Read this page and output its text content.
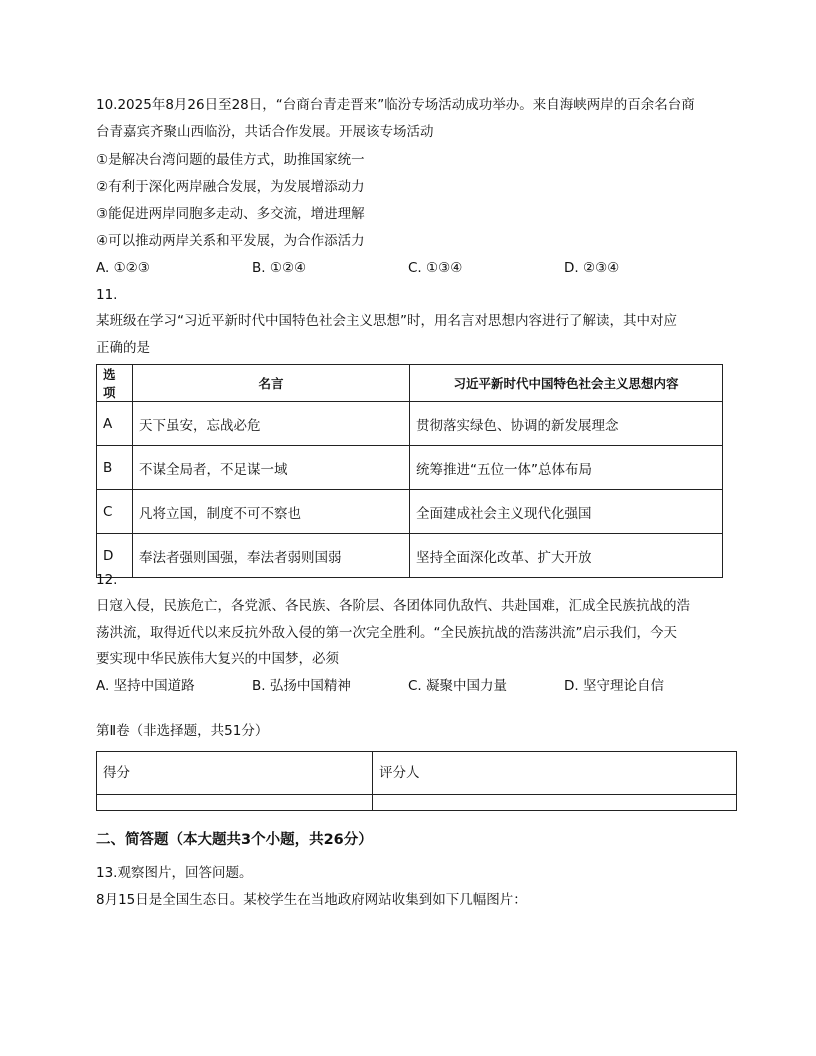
10.2025年8月26日至28日，“台商台青走晋来”临汾专场活动成功举办。来自海峡两岸的百余名台商
台青嘉宾齐聚山西临汾，共话合作发展。开展该专场活动
①是解决台湾问题的最佳方式，助推国家统一
②有利于深化两岸融合发展，为发展增添动力
③能促进两岸同胞多走动、多交流，增进理解
④可以推动两岸关系和平发展，为合作添活力
A. ①②③	B. ①②④	C. ①③④	D. ②③④
11.
某班级在学习“习近平新时代中国特色社会主义思想”时，用名言对思想内容进行了解读，其中对应
正确的是
选项	名言	习近平新时代中国特色社会主义思想内容
A	天下虽安，忘战必危	贯彻落实绿色、协调的新发展理念
B	不谋全局者，不足谋一域	统筹推进“五位一体”总体布局
C	凡将立国，制度不可不察也	全面建成社会主义现代化强国
D	奉法者强则国强，奉法者弱则国弱	坚持全面深化改革、扩大开放
12.
日寇入侵，民族危亡，各党派、各民族、各阶层、各团体同仇敌忾、共赴国难，汇成全民族抗战的浩
荡洪流，取得近代以来反抗外敌入侵的第一次完全胜利。“全民族抗战的浩荡洪流”启示我们，今天
要实现中华民族伟大复兴的中国梦，必须
A. 坚持中国道路	B. 弘扬中国精神	C. 凝聚中国力量	D. 坚守理论自信
第Ⅱ卷（非选择题，共51分）
得分	评分人

二、简答题（本大题共3个小题，共26分）
13.观察图片，回答问题。
8月15日是全国生态日。某校学生在当地政府网站收集到如下几幅图片：
